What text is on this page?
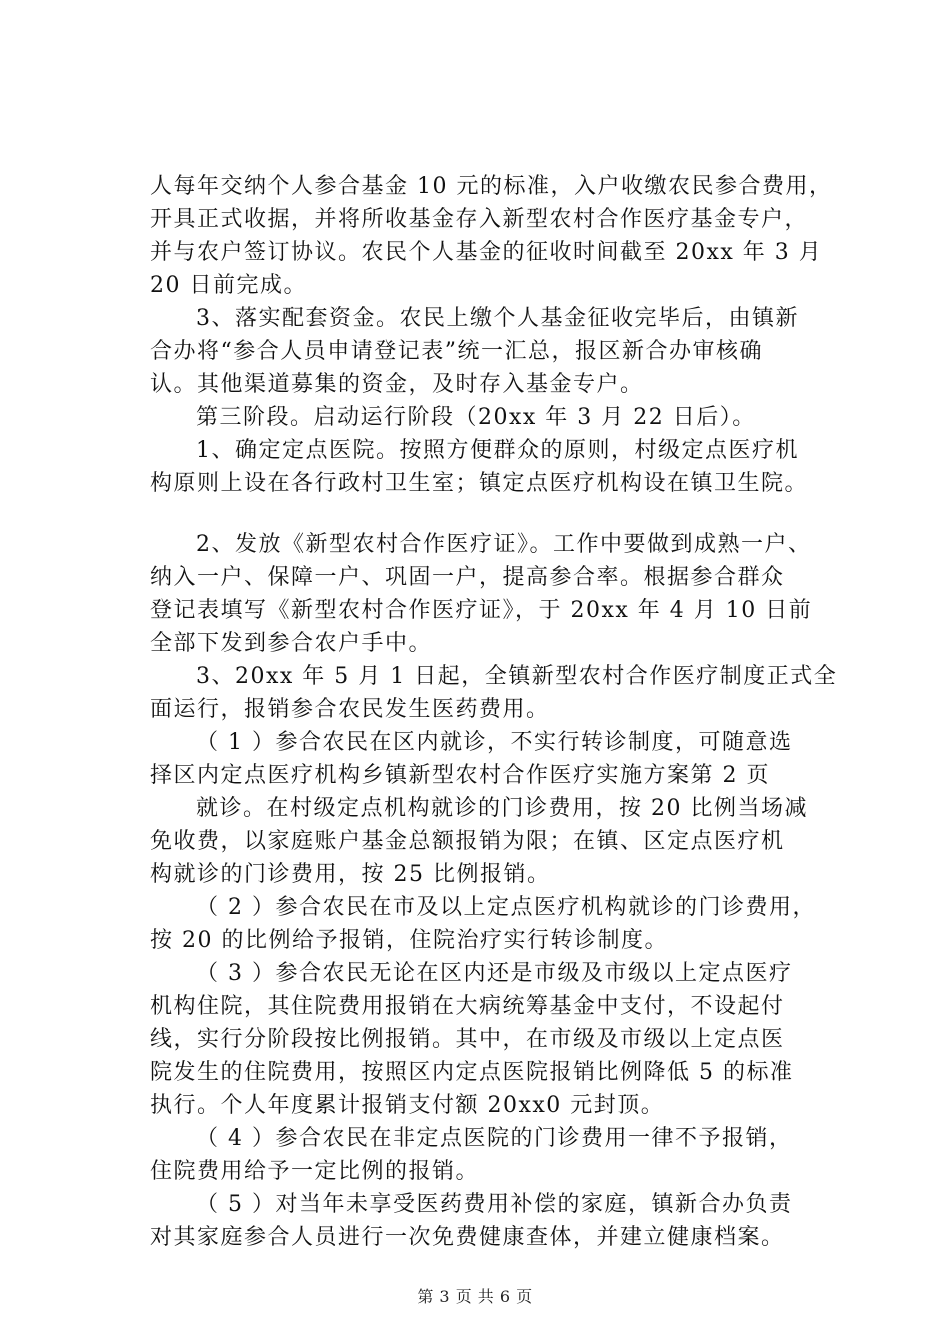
人每年交纳个人参合基金 10 元的标准，入户收缴农民参合费用，
开具正式收据，并将所收基金存入新型农村合作医疗基金专户，
并与农户签订协议。农民个人基金的征收时间截至 20xx 年 3 月
20 日前完成。
3、落实配套资金。农民上缴个人基金征收完毕后，由镇新
合办将“参合人员申请登记表”统一汇总，报区新合办审核确
认。其他渠道募集的资金，及时存入基金专户。
第三阶段。启动运行阶段（20xx 年 3 月 22 日后）。
1、确定定点医院。按照方便群众的原则，村级定点医疗机
构原则上设在各行政村卫生室；镇定点医疗机构设在镇卫生院。
2、发放《新型农村合作医疗证》。工作中要做到成熟一户、
纳入一户、保障一户、巩固一户，提高参合率。根据参合群众
登记表填写《新型农村合作医疗证》，于 20xx 年 4 月 10 日前
全部下发到参合农户手中。
3、20xx 年 5 月 1 日起，全镇新型农村合作医疗制度正式全
面运行，报销参合农民发生医药费用。
（ 1 ）参合农民在区内就诊，不实行转诊制度，可随意选
择区内定点医疗机构乡镇新型农村合作医疗实施方案第 2 页
就诊。在村级定点机构就诊的门诊费用，按 20 比例当场减
免收费，以家庭账户基金总额报销为限；在镇、区定点医疗机
构就诊的门诊费用，按 25 比例报销。
（ 2 ）参合农民在市及以上定点医疗机构就诊的门诊费用，
按 20 的比例给予报销，住院治疗实行转诊制度。
（ 3 ）参合农民无论在区内还是市级及市级以上定点医疗
机构住院，其住院费用报销在大病统筹基金中支付，不设起付
线，实行分阶段按比例报销。其中，在市级及市级以上定点医
院发生的住院费用，按照区内定点医院报销比例降低 5 的标准
执行。个人年度累计报销支付额 20xx0 元封顶。
（ 4 ）参合农民在非定点医院的门诊费用一律不予报销，
住院费用给予一定比例的报销。
（ 5 ）对当年未享受医药费用补偿的家庭，镇新合办负责
对其家庭参合人员进行一次免费健康查体，并建立健康档案。
第 3 页 共 6 页
